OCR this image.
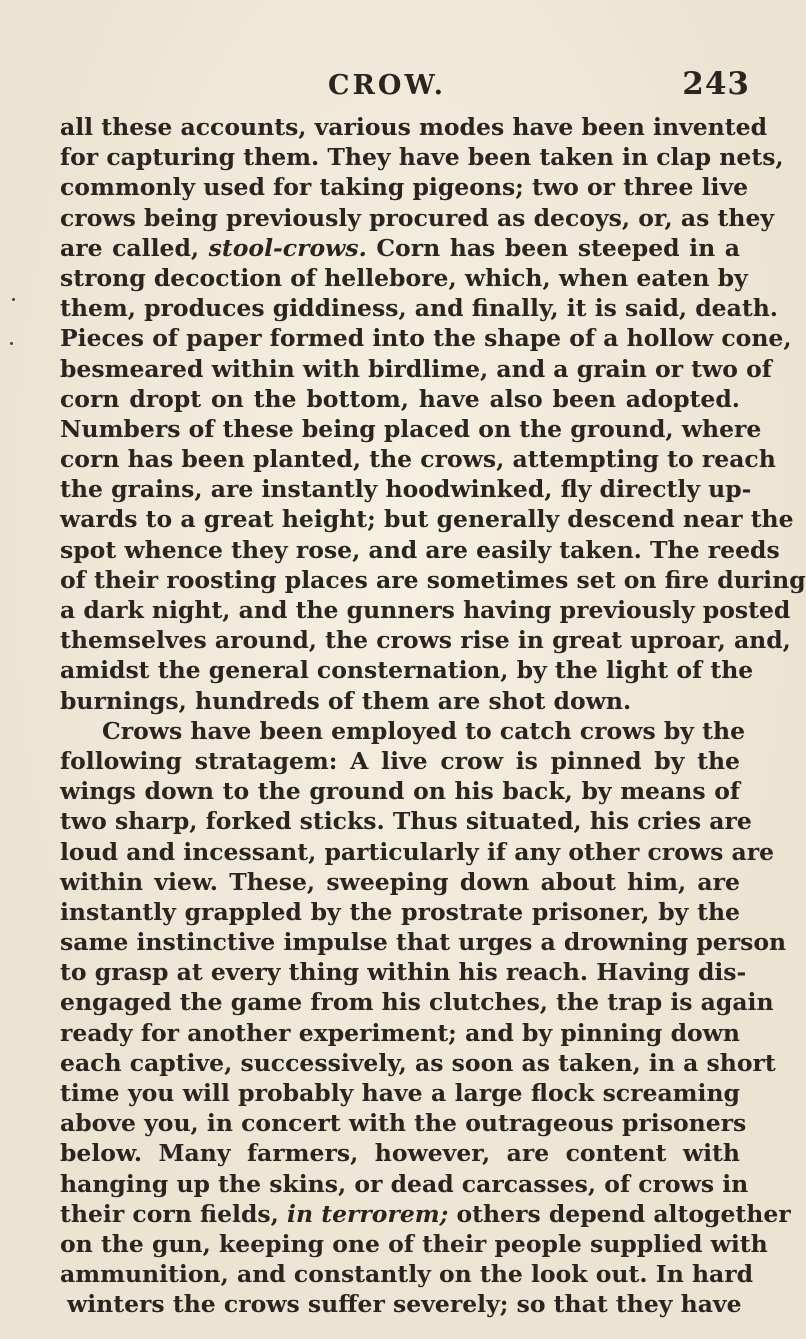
CROW.	243
all these accounts, various modes have been invented
for capturing them. They have been taken in clap nets,
commonly used for taking pigeons; two or three live
crows being previously procured as decoys, or, as they
are called, stool-crows. Corn has been steeped in a
strong decoction of hellebore, which, when eaten by
them, produces giddiness, and finally, it is said, death.
Pieces of paper formed into the shape of a hollow cone,
besmeared within with birdlime, and a grain or two of
corn dropt on the bottom, have also been adopted.
Numbers of these being placed on the ground, where
corn has been planted, the crows, attempting to reach
the grains, are instantly hoodwinked, fly directly up-
wards to a great height; but generally descend near the
spot whence they rose, and are easily taken. The reeds
of their roosting places are sometimes set on fire during
a dark night, and the gunners having previously posted
themselves around, the crows rise in great uproar, and,
amidst the general consternation, by the light of the
burnings, hundreds of them are shot down.
Crows have been employed to catch crows by the
following stratagem: A live crow is pinned by the
wings down to the ground on his back, by means of
two sharp, forked sticks. Thus situated, his cries are
loud and incessant, particularly if any other crows are
within view. These, sweeping down about him, are
instantly grappled by the prostrate prisoner, by the
same instinctive impulse that urges a drowning person
to grasp at every thing within his reach. Having dis-
engaged the game from his clutches, the trap is again
ready for another experiment; and by pinning down
each captive, successively, as soon as taken, in a short
time you will probably have a large flock screaming
above you, in concert with the outrageous prisoners
below. Many farmers, however, are content with
hanging up the skins, or dead carcasses, of crows in
their corn fields, in terrorem; others depend altogether
on the gun, keeping one of their people supplied with
ammunition, and constantly on the look out. In hard
winters the crows suffer severely; so that they have
